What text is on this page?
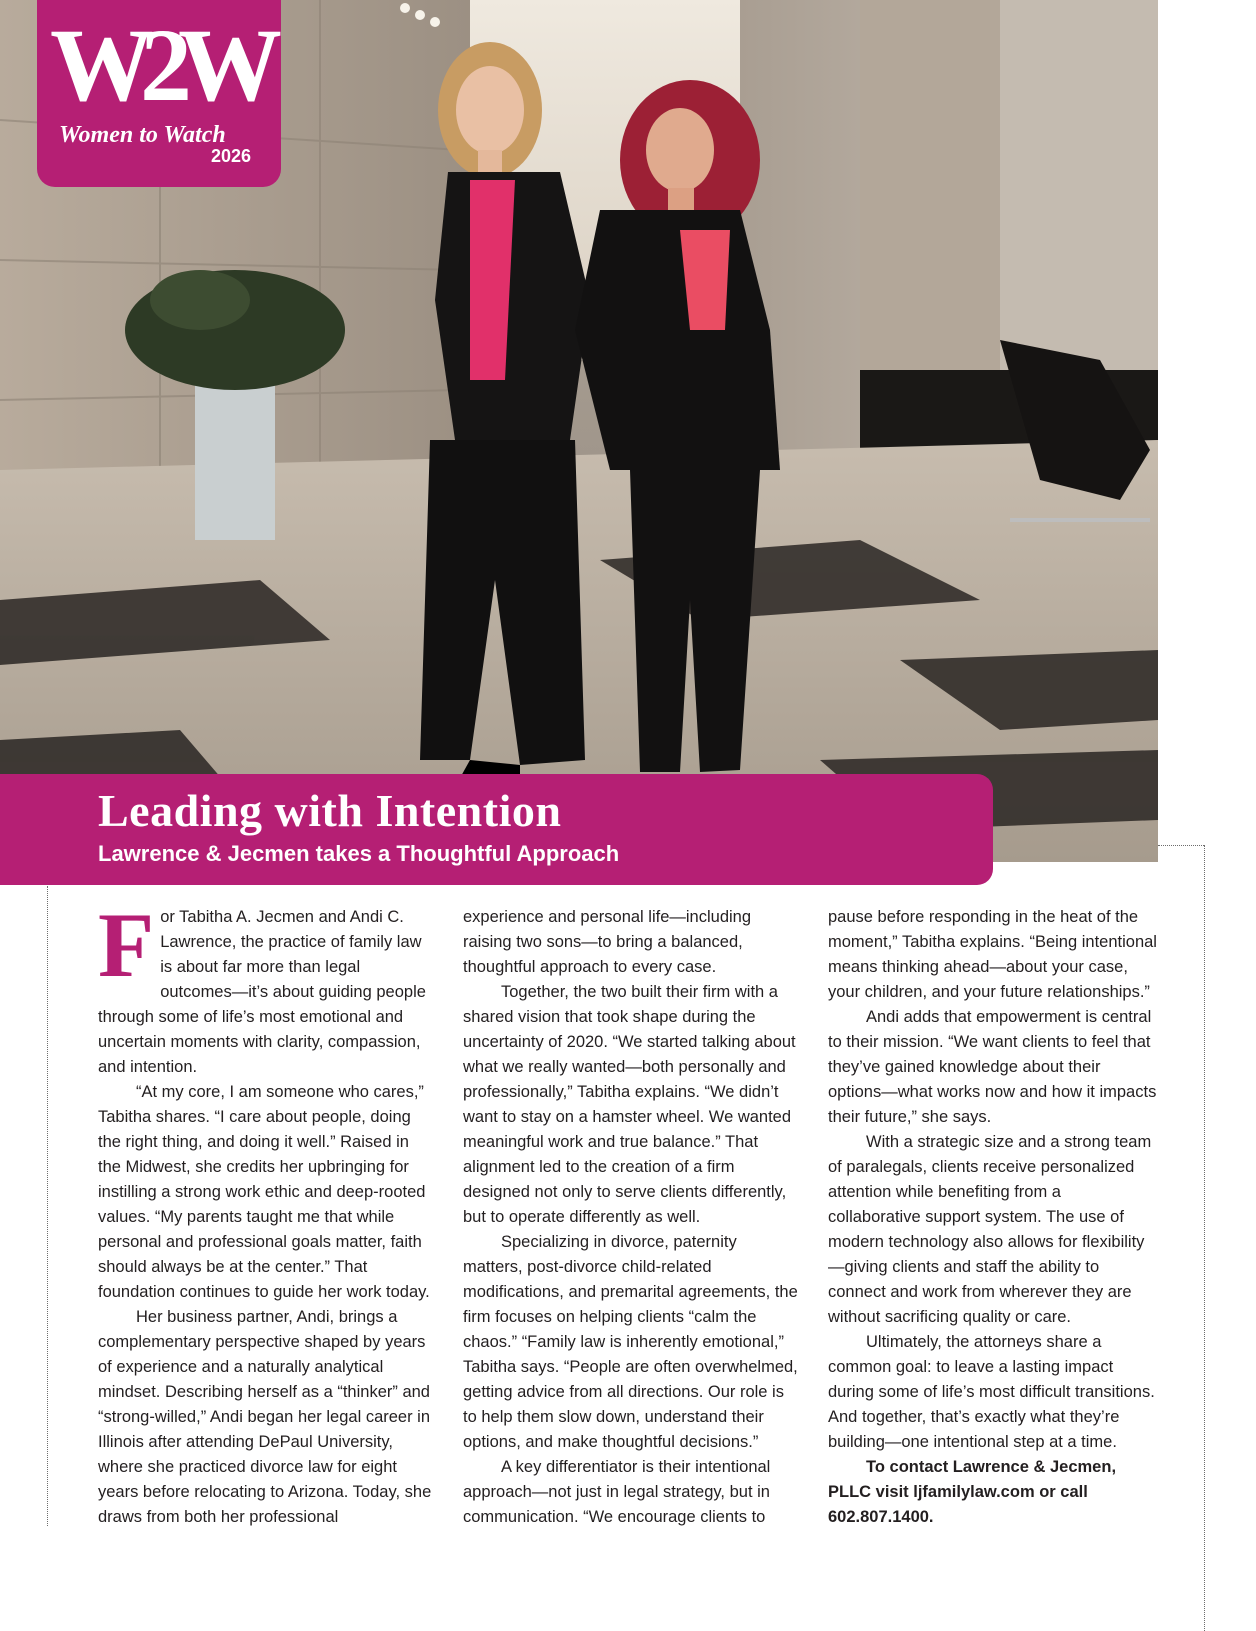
W2W
Women to Watch
2026
Leading with Intention
Lawrence & Jecmen takes a Thoughtful Approach

For Tabitha A. Jecmen and Andi C. Lawrence, the practice of family law is about far more than legal outcomes—it’s about guiding people through some of life’s most emotional and uncertain moments with clarity, compassion, and intention.

“At my core, I am someone who cares,” Tabitha shares. “I care about people, doing the right thing, and doing it well.” Raised in the Midwest, she credits her upbringing for instilling a strong work ethic and deep-rooted values. “My parents taught me that while personal and professional goals matter, faith should always be at the center.” That foundation continues to guide her work today.

Her business partner, Andi, brings a complementary perspective shaped by years of experience and a naturally analytical mindset. Describing herself as a “thinker” and “strong-willed,” Andi began her legal career in Illinois after attending DePaul University, where she practiced divorce law for eight years before relocating to Arizona. Today, she draws from both her professional

experience and personal life—including raising two sons—to bring a balanced, thoughtful approach to every case.

Together, the two built their firm with a shared vision that took shape during the uncertainty of 2020. “We started talking about what we really wanted—both personally and professionally,” Tabitha explains. “We didn’t want to stay on a hamster wheel. We wanted meaningful work and true balance.” That alignment led to the creation of a firm designed not only to serve clients differently, but to operate differently as well.

Specializing in divorce, paternity matters, post-divorce child-related modifications, and premarital agreements, the firm focuses on helping clients “calm the chaos.” “Family law is inherently emotional,” Tabitha says. “People are often overwhelmed, getting advice from all directions. Our role is to help them slow down, understand their options, and make thoughtful decisions.”

A key differentiator is their intentional approach—not just in legal strategy, but in communication. “We encourage clients to

pause before responding in the heat of the moment,” Tabitha explains. “Being intentional means thinking ahead—about your case, your children, and your future relationships.”

Andi adds that empowerment is central to their mission. “We want clients to feel that they’ve gained knowledge about their options—what works now and how it impacts their future,” she says.

With a strategic size and a strong team of paralegals, clients receive personalized attention while benefiting from a collaborative support system. The use of modern technology also allows for flexibility—giving clients and staff the ability to connect and work from wherever they are without sacrificing quality or care.

Ultimately, the attorneys share a common goal: to leave a lasting impact during some of life’s most difficult transitions. And together, that’s exactly what they’re building—one intentional step at a time.

To contact Lawrence & Jecmen, PLLC visit ljfamilylaw.com or call 602.807.1400.
